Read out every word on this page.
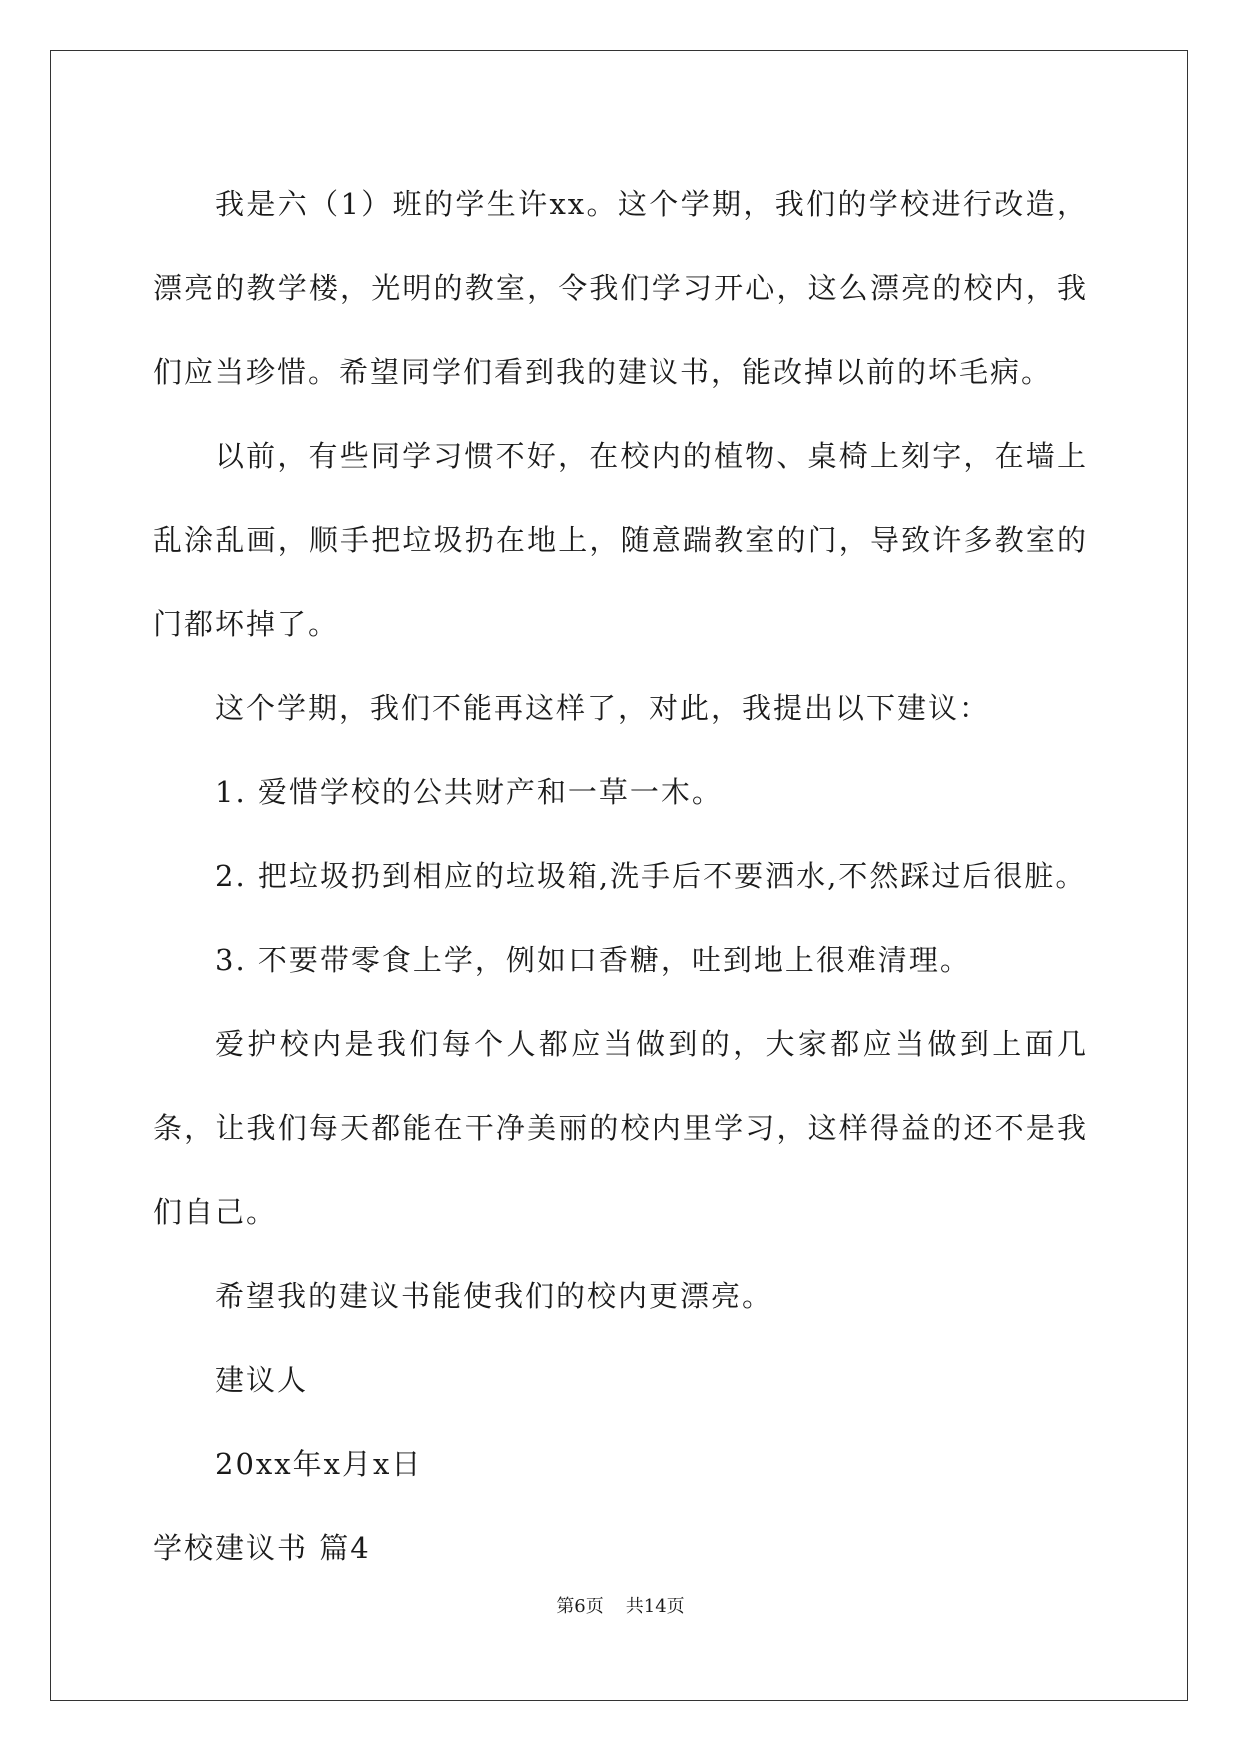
我是六（1）班的学生许xx。这个学期，我们的学校进行改造，漂亮的教学楼，光明的教室，令我们学习开心，这么漂亮的校内，我们应当珍惜。希望同学们看到我的建议书，能改掉以前的坏毛病。

以前，有些同学习惯不好，在校内的植物、桌椅上刻字，在墙上乱涂乱画，顺手把垃圾扔在地上，随意踹教室的门，导致许多教室的门都坏掉了。

这个学期，我们不能再这样了，对此，我提出以下建议：

1. 爱惜学校的公共财产和一草一木。

2. 把垃圾扔到相应的垃圾箱,洗手后不要洒水,不然踩过后很脏。

3. 不要带零食上学，例如口香糖，吐到地上很难清理。

爱护校内是我们每个人都应当做到的，大家都应当做到上面几条，让我们每天都能在干净美丽的校内里学习，这样得益的还不是我们自己。

希望我的建议书能使我们的校内更漂亮。

建议人

20xx年x月x日

学校建议书 篇4

第6页 共14页
